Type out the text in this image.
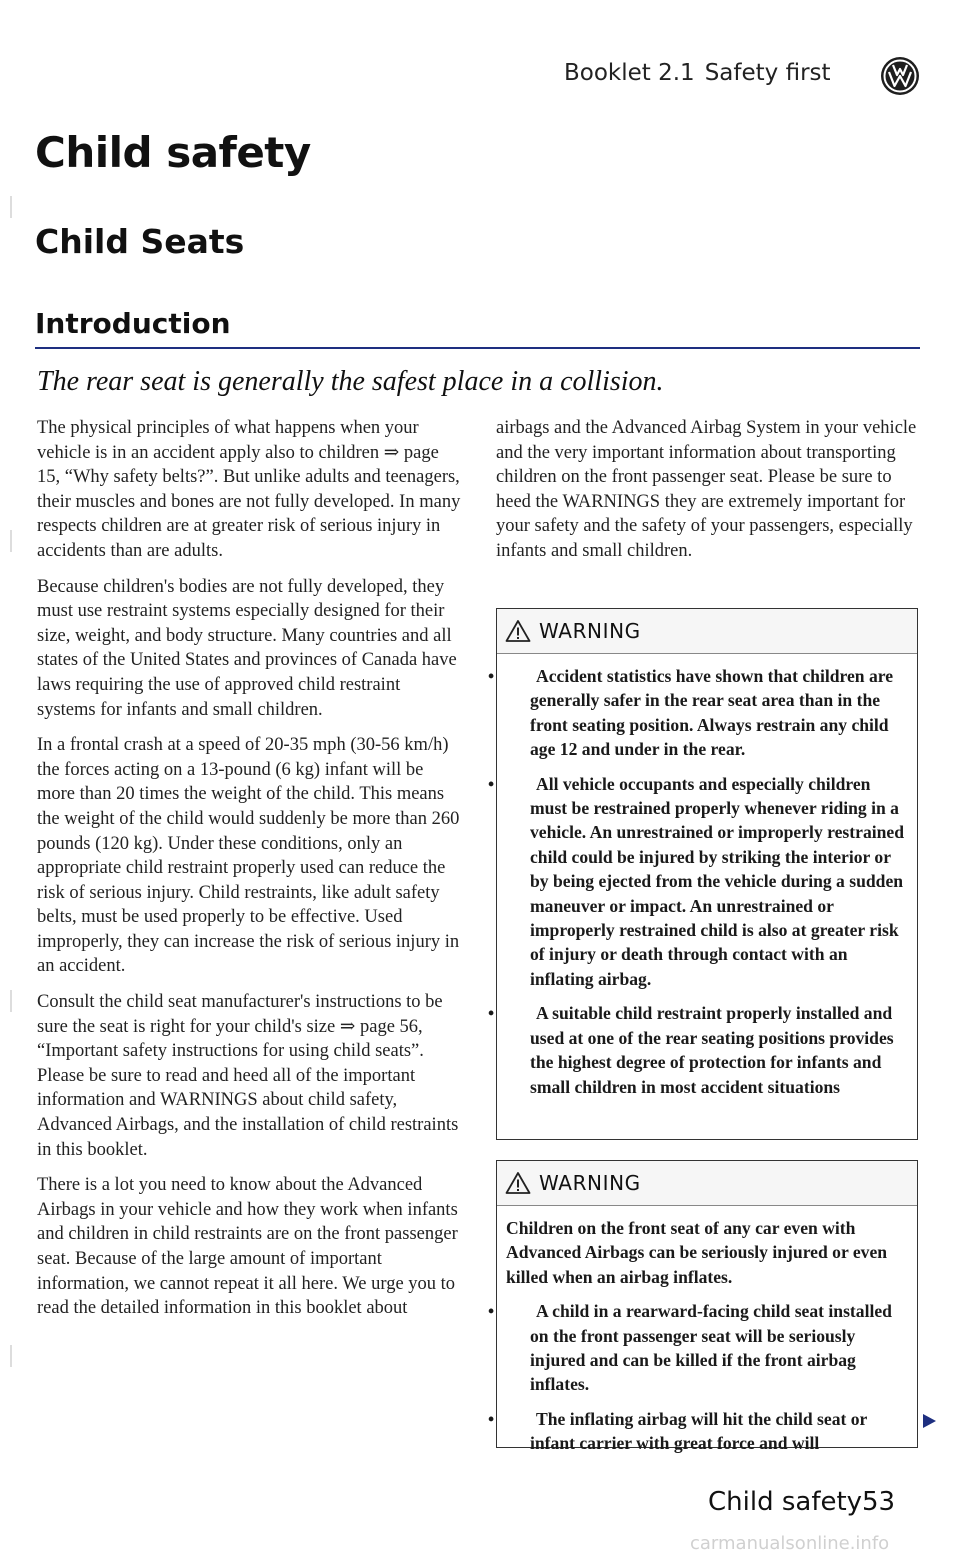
Booklet 2.1 Safety first
Child safety
Child Seats
Introduction
The rear seat is generally the safest place in a collision.

The physical principles of what happens when your vehicle is in an accident apply also to children ⇒ page 15, “Why safety belts?”. But unlike adults and teenagers, their muscles and bones are not fully developed. In many respects children are at greater risk of serious injury in accidents than are adults.

Because children's bodies are not fully developed, they must use restraint systems especially designed for their size, weight, and body structure. Many countries and all states of the United States and provinces of Canada have laws requiring the use of approved child restraint systems for infants and small children.

In a frontal crash at a speed of 20-35 mph (30-56 km/h) the forces acting on a 13-pound (6 kg) infant will be more than 20 times the weight of the child. This means the weight of the child would suddenly be more than 260 pounds (120 kg). Under these conditions, only an appropriate child restraint properly used can reduce the risk of serious injury. Child restraints, like adult safety belts, must be used properly to be effective. Used improperly, they can increase the risk of serious injury in an accident.

Consult the child seat manufacturer's instructions to be sure the seat is right for your child's size ⇒ page 56, “Important safety instructions for using child seats”. Please be sure to read and heed all of the important information and WARNINGS about child safety, Advanced Airbags, and the installation of child restraints in this booklet.

There is a lot you need to know about the Advanced Airbags in your vehicle and how they work when infants and children in child restraints are on the front passenger seat. Because of the large amount of important information, we cannot repeat it all here. We urge you to read the detailed information in this booklet about

airbags and the Advanced Airbag System in your vehicle and the very important information about transporting children on the front passenger seat. Please be sure to heed the WARNINGS they are extremely important for your safety and the safety of your passengers, especially infants and small children.

WARNING

• Accident statistics have shown that children are generally safer in the rear seat area than in the front seating position. Always restrain any child age 12 and under in the rear.

• All vehicle occupants and especially children must be restrained properly whenever riding in a vehicle. An unrestrained or improperly restrained child could be injured by striking the interior or by being ejected from the vehicle during a sudden maneuver or impact. An unrestrained or improperly restrained child is also at greater risk of injury or death through contact with an inflating airbag.

• A suitable child restraint properly installed and used at one of the rear seating positions provides the highest degree of protection for infants and small children in most accident situations

WARNING

Children on the front seat of any car even with Advanced Airbags can be seriously injured or even killed when an airbag inflates.

• A child in a rearward-facing child seat installed on the front passenger seat will be seriously injured and can be killed if the front airbag inflates.

• The inflating airbag will hit the child seat or infant carrier with great force and will

Child safety 53
carmanualsonline.info
